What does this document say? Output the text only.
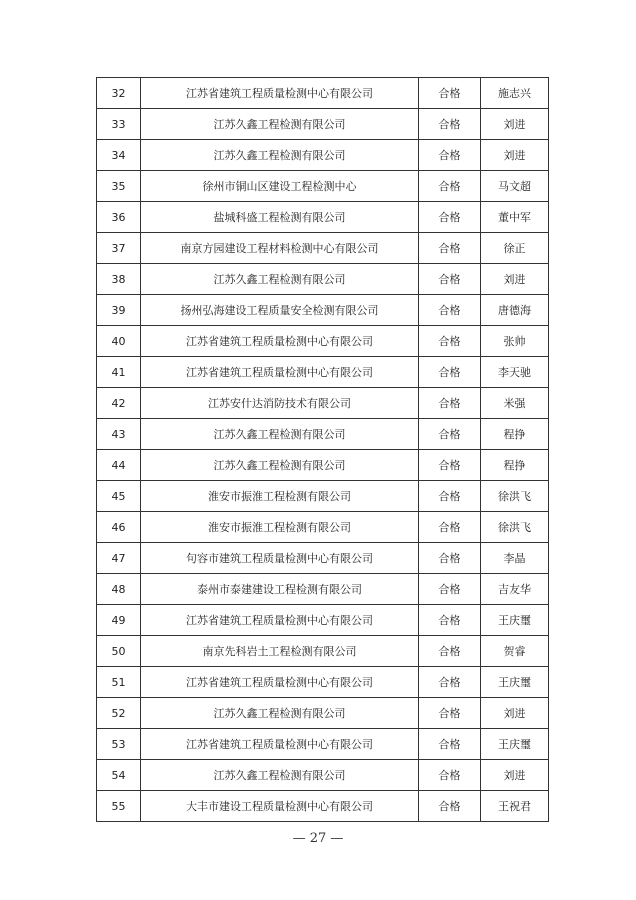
32	江苏省建筑工程质量检测中心有限公司	合格	施志兴
33	江苏久鑫工程检测有限公司	合格	刘进
34	江苏久鑫工程检测有限公司	合格	刘进
35	徐州市铜山区建设工程检测中心	合格	马文超
36	盐城科盛工程检测有限公司	合格	董中军
37	南京方园建设工程材料检测中心有限公司	合格	徐正
38	江苏久鑫工程检测有限公司	合格	刘进
39	扬州弘海建设工程质量安全检测有限公司	合格	唐德海
40	江苏省建筑工程质量检测中心有限公司	合格	张帅
41	江苏省建筑工程质量检测中心有限公司	合格	李天驰
42	江苏安什达消防技术有限公司	合格	米强
43	江苏久鑫工程检测有限公司	合格	程挣
44	江苏久鑫工程检测有限公司	合格	程挣
45	淮安市振淮工程检测有限公司	合格	徐洪飞
46	淮安市振淮工程检测有限公司	合格	徐洪飞
47	句容市建筑工程质量检测中心有限公司	合格	李晶
48	泰州市泰建建设工程检测有限公司	合格	吉友华
49	江苏省建筑工程质量检测中心有限公司	合格	王庆璽
50	南京先科岩土工程检测有限公司	合格	贺睿
51	江苏省建筑工程质量检测中心有限公司	合格	王庆璽
52	江苏久鑫工程检测有限公司	合格	刘进
53	江苏省建筑工程质量检测中心有限公司	合格	王庆璽
54	江苏久鑫工程检测有限公司	合格	刘进
55	大丰市建设工程质量检测中心有限公司	合格	王祝君
— 27 —
